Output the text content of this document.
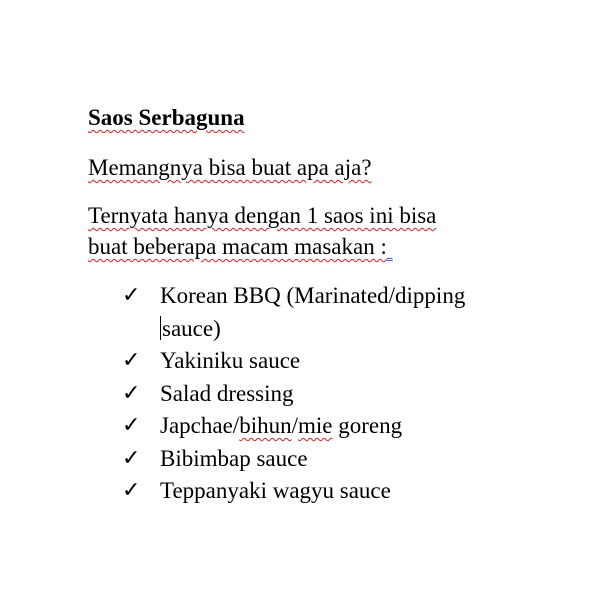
Saos Serbaguna
Memangnya bisa buat apa aja?
Ternyata hanya dengan 1 saos ini bisa
buat beberapa macam masakan :
✓ Korean BBQ (Marinated/dipping
sauce)
✓ Yakiniku sauce
✓ Salad dressing
✓ Japchae/bihun/mie goreng
✓ Bibimbap sauce
✓ Teppanyaki wagyu sauce
